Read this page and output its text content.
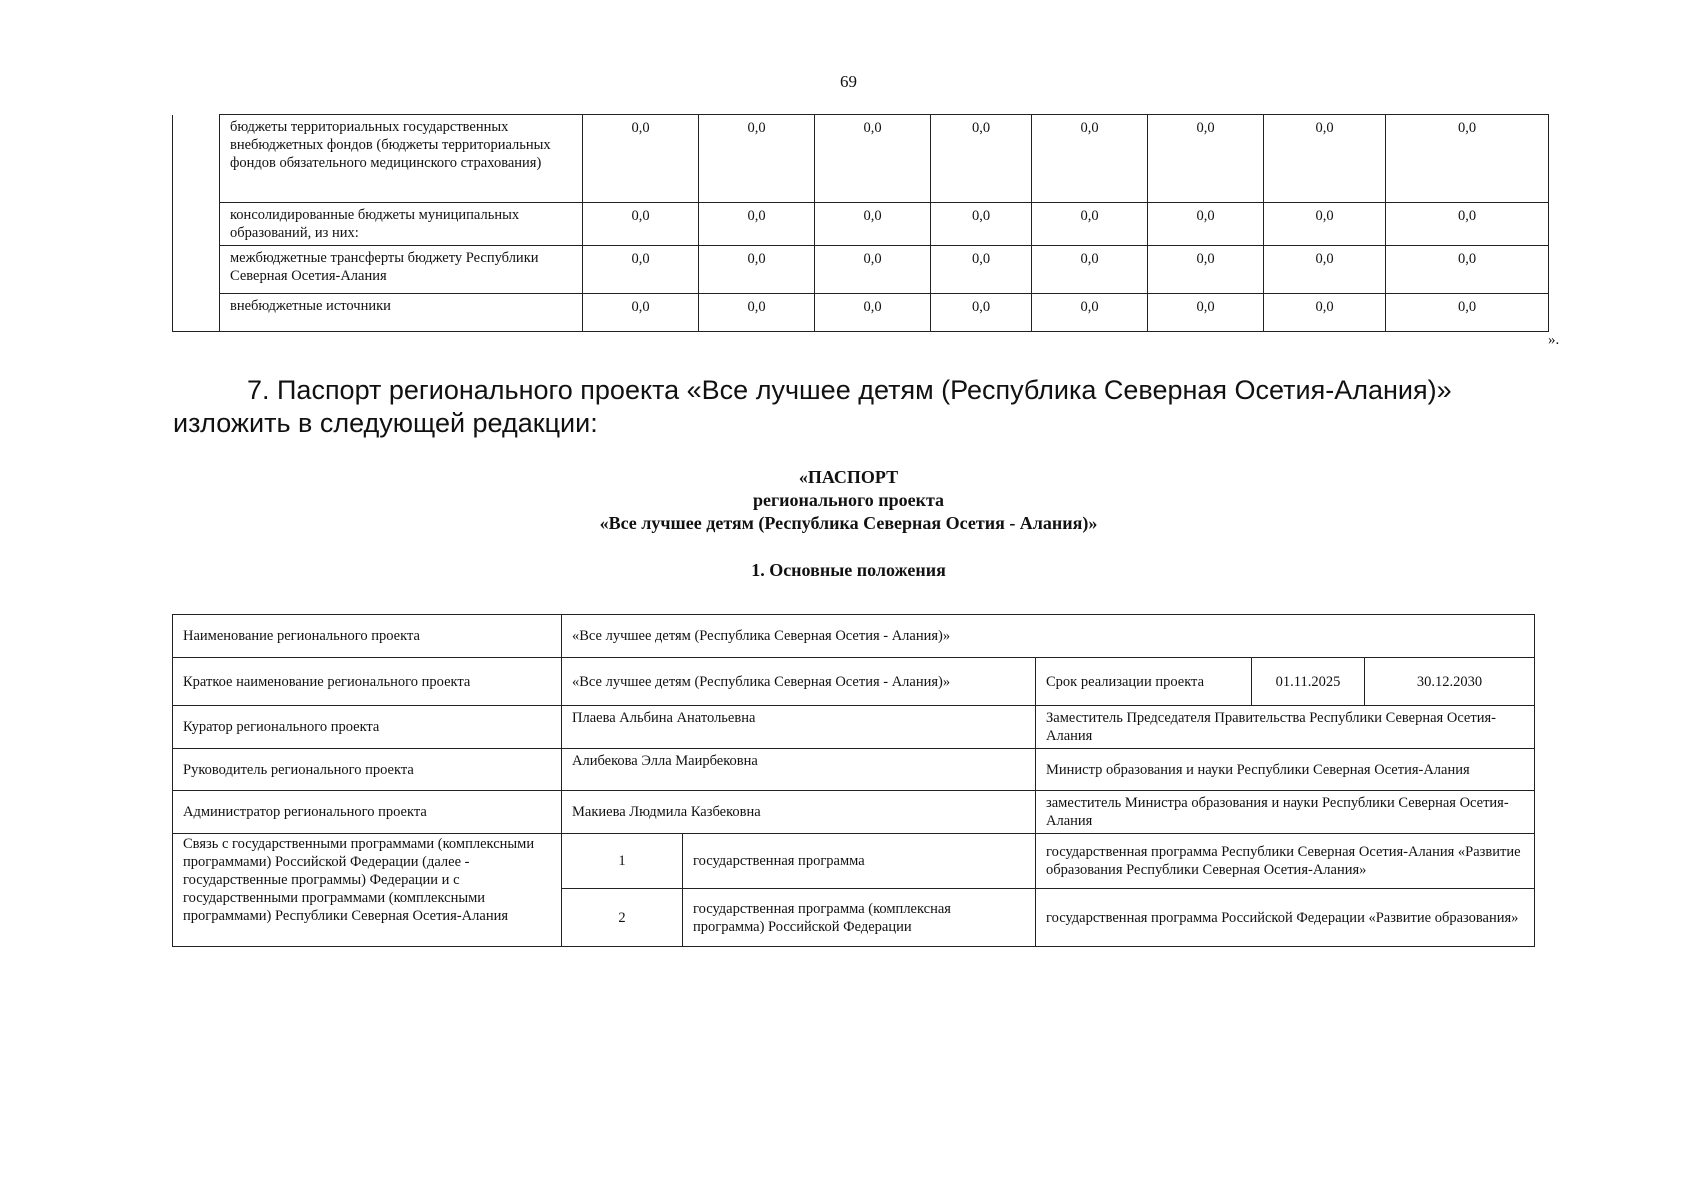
69
	бюджеты территориальных государственных внебюджетных фондов (бюджеты территориальных фондов обязательного медицинского страхования)	0,0	0,0	0,0	0,0	0,0	0,0	0,0	0,0
	консолидированные бюджеты муниципальных образований, из них:	0,0	0,0	0,0	0,0	0,0	0,0	0,0	0,0
	межбюджетные трансферты бюджету Республики Северная Осетия-Алания	0,0	0,0	0,0	0,0	0,0	0,0	0,0	0,0
	внебюджетные источники	0,0	0,0	0,0	0,0	0,0	0,0	0,0	0,0
».

7. Паспорт регионального проекта «Все лучшее детям (Республика Северная Осетия-Алания)» изложить в следующей редакции:

«ПАСПОРТ
регионального проекта
«Все лучшее детям (Республика Северная Осетия - Алания)»
1. Основные положения
Наименование регионального проекта	«Все лучшее детям (Республика Северная Осетия - Алания)»				
Краткое наименование регионального проекта	«Все лучшее детям (Республика Северная Осетия - Алания)»		Срок реализации проекта	01.11.2025	30.12.2030
Куратор регионального проекта	Плаева Альбина Анатольевна		Заместитель Председателя Правительства Республики Северная Осетия-Алания		
Руководитель регионального проекта	Алибекова Элла Маирбековна		Министр образования и науки Республики Северная Осетия-Алания		
Администратор регионального проекта	Макиева Людмила Казбековна		заместитель Министра образования и науки Республики Северная Осетия-Алания		
Связь с государственными программами (комплексными программами) Российской Федерации (далее - государственные программы) Федерации и с государственными программами (комплексными программами) Республики Северная Осетия-Алания	1	государственная программа	государственная программа Республики Северная Осетия-Алания «Развитие образования Республики Северная Осетия-Алания»		
	2	государственная программа (комплексная программа) Российской Федерации	государственная программа Российской Федерации «Развитие образования»		
